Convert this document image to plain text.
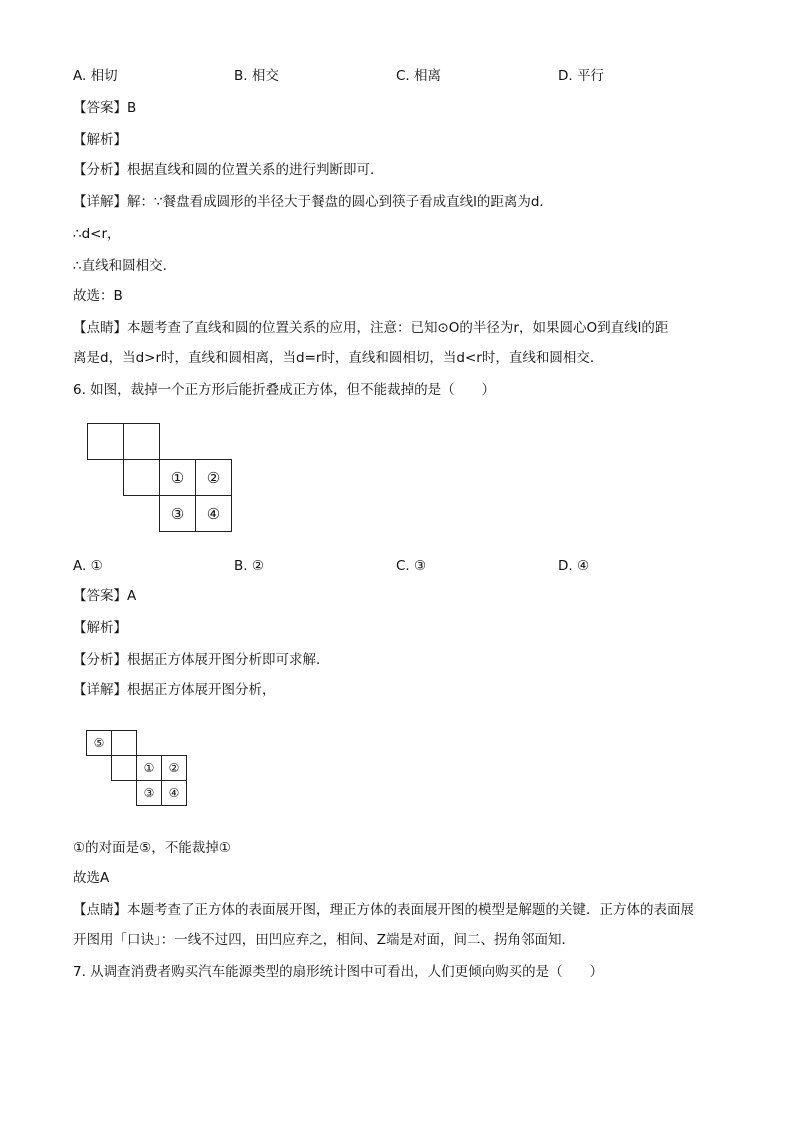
A. 相切	B. 相交	C. 相离	D. 平行
【答案】B
【解析】
【分析】根据直线和圆的位置关系的进行判断即可．
【详解】解：∵餐盘看成圆形的半径大于餐盘的圆心到筷子看成直线l的距离为d．
∴d<r，
∴直线和圆相交．
故选：B
【点睛】本题考查了直线和圆的位置关系的应用，注意：已知⊙O的半径为r，如果圆心O到直线l的距
离是d，当d>r时，直线和圆相离，当d=r时，直线和圆相切，当d<r时，直线和圆相交．
6. 如图，裁掉一个正方形后能折叠成正方体，但不能裁掉的是（　　）
①	②
③	④
A. ①	B. ②	C. ③	D. ④
【答案】A
【解析】
【分析】根据正方体展开图分析即可求解．
【详解】根据正方体展开图分析，
⑤
①	②
③	④
①的对面是⑤，不能裁掉①
故选A
【点睛】本题考查了正方体的表面展开图，理正方体的表面展开图的模型是解题的关键．正方体的表面展
开图用「口诀」：一线不过四，田凹应弃之，相间、Z端是对面，间二、拐角邻面知．
7. 从调查消费者购买汽车能源类型的扇形统计图中可看出，人们更倾向购买的是（　　）
